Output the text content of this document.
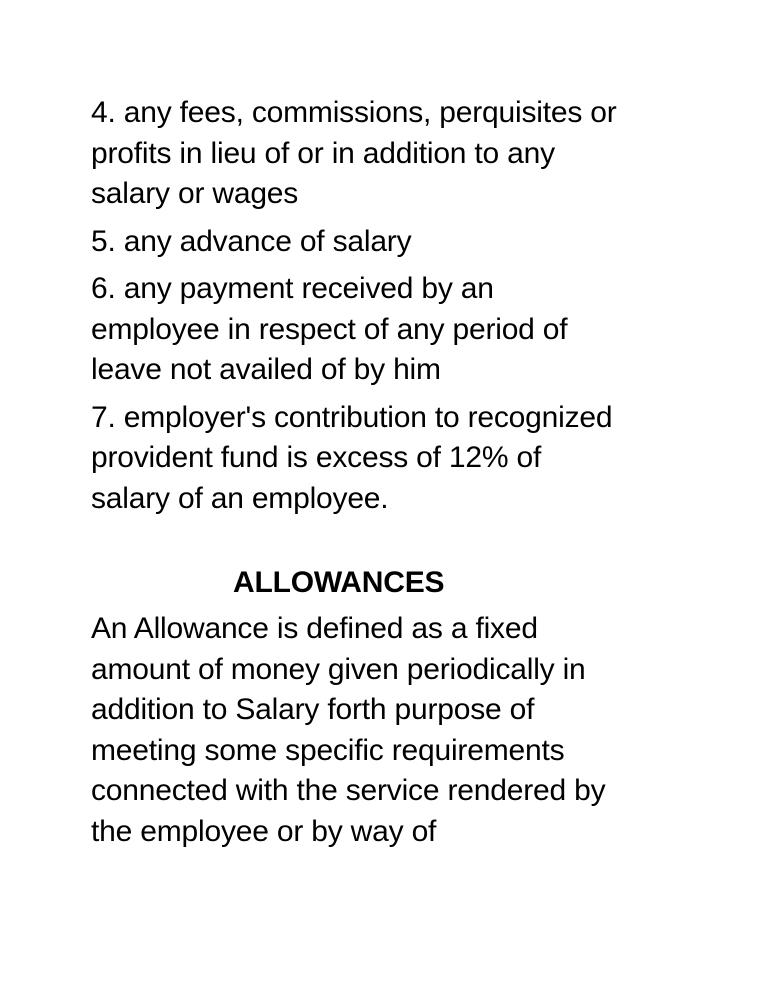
4. any fees, commissions, perquisites or
profits in lieu of or in addition to any
salary or wages

5. any advance of salary

6. any payment received by an
employee in respect of any period of
leave not availed of by him

7. employer's contribution to recognized
provident fund is excess of 12% of
salary of an employee.

ALLOWANCES

An Allowance is defined as a fixed
amount of money given periodically in
addition to Salary forth purpose of
meeting some specific requirements
connected with the service rendered by
the employee or by way of
